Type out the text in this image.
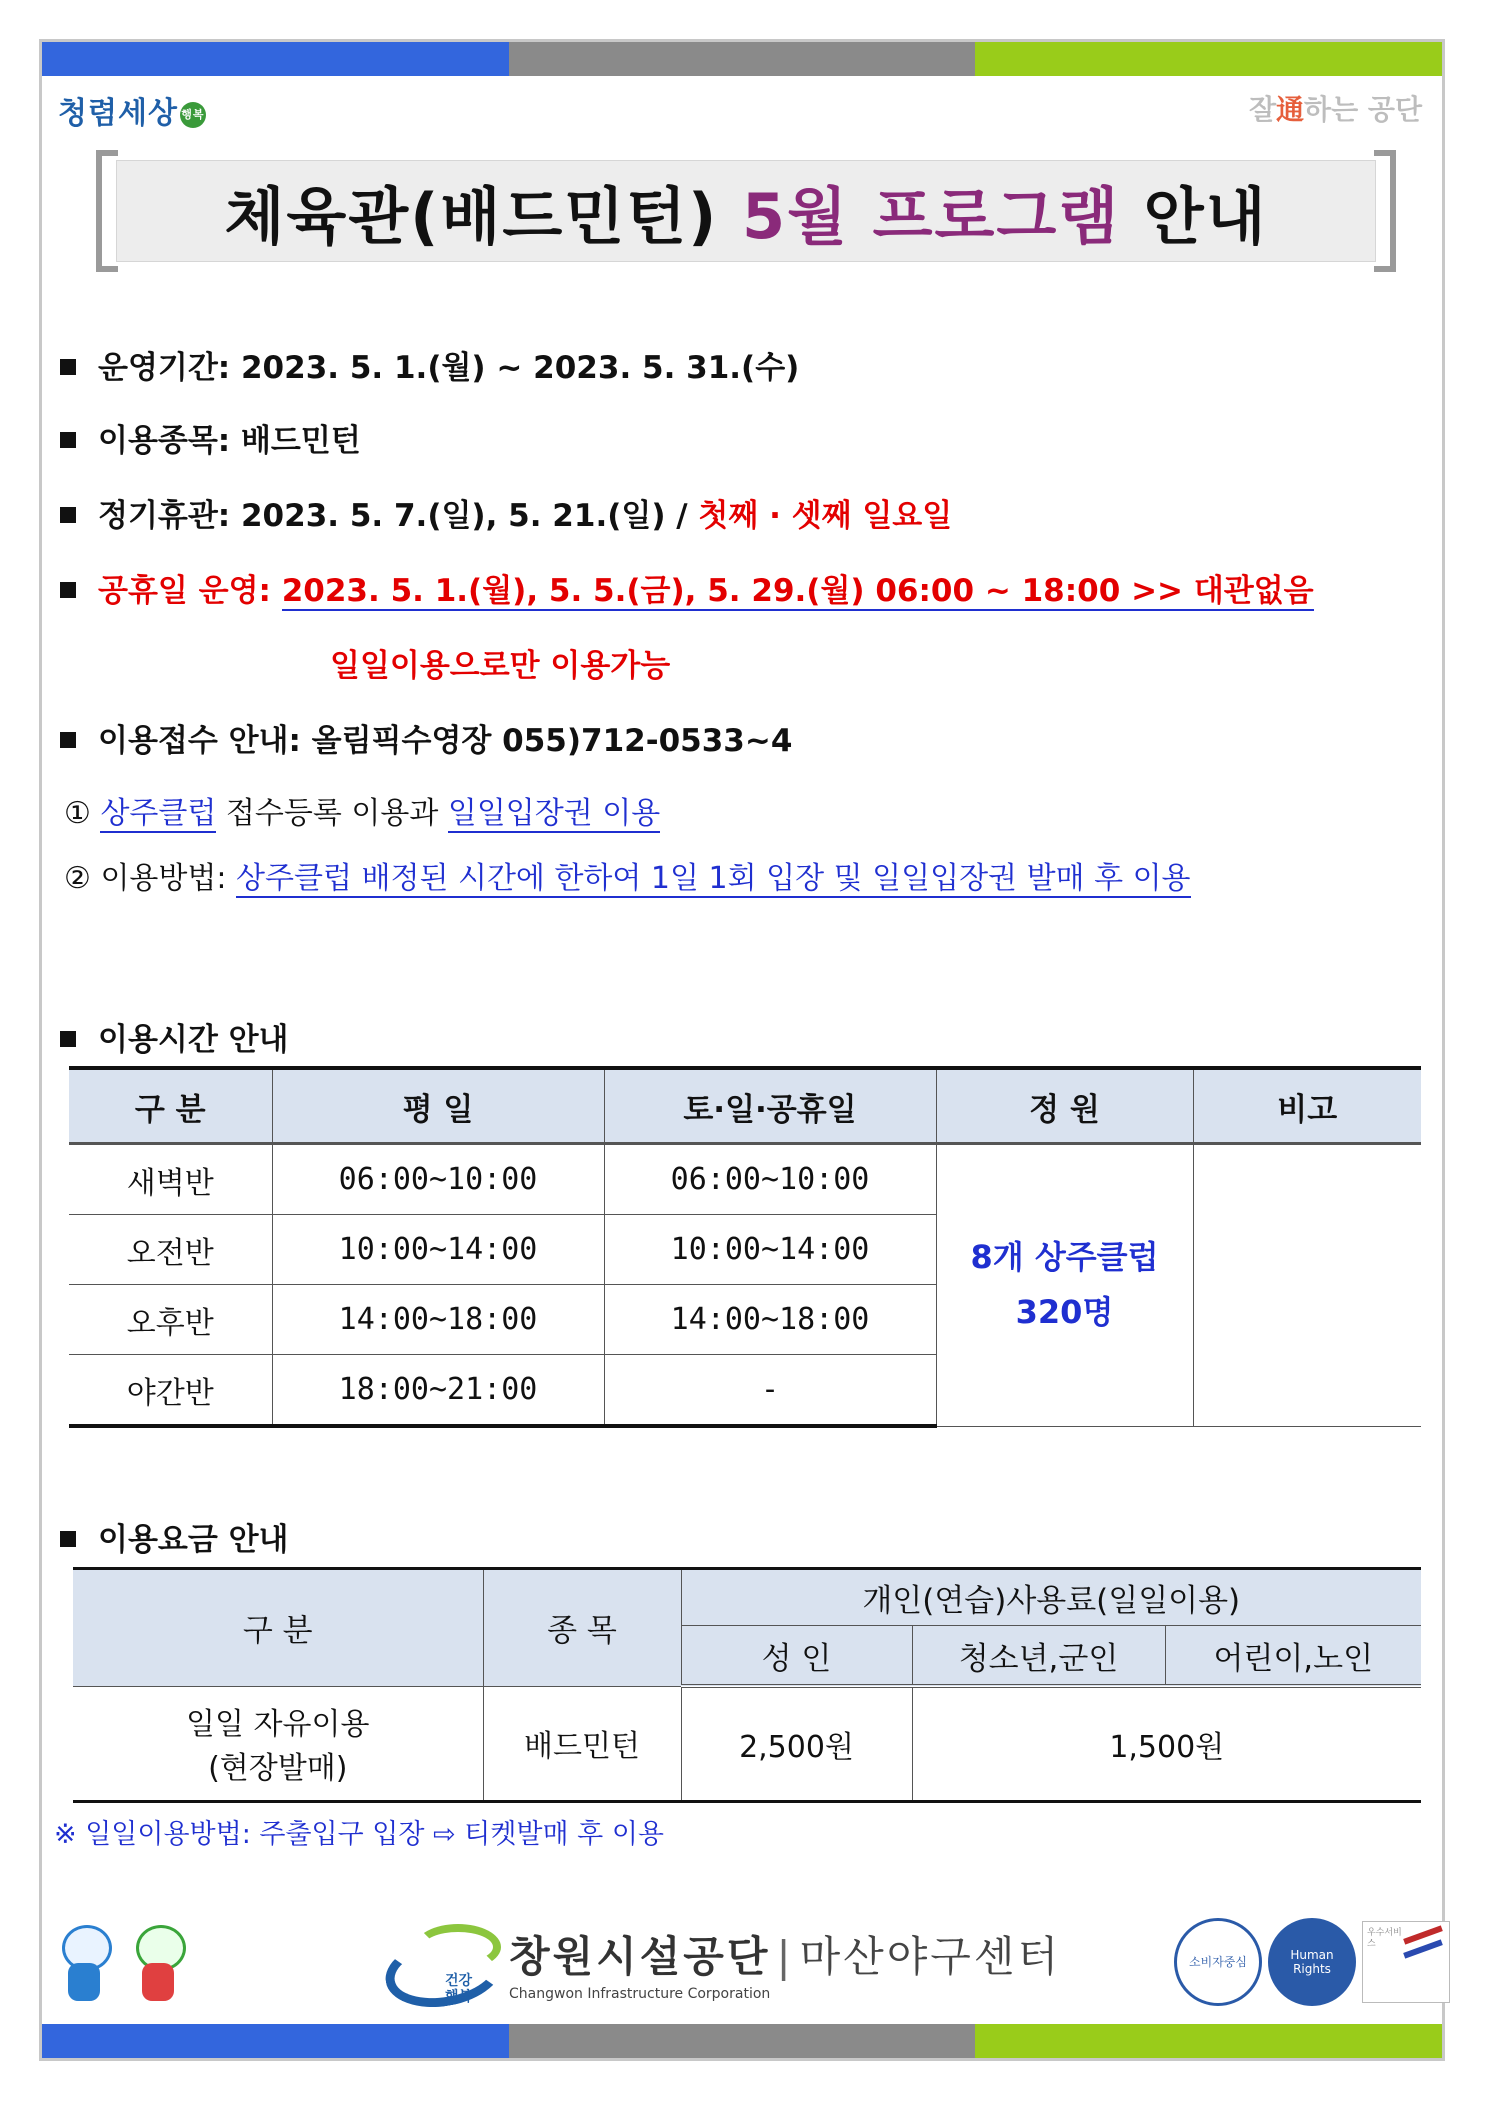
청렴세상 행복	잘通하는 공단
체육관(배드민턴) 5월 프로그램 안내
운영기간: 2023. 5. 1.(월) ~ 2023. 5. 31.(수)
이용종목: 배드민턴
정기휴관: 2023. 5. 7.(일), 5. 21.(일) / 첫째 · 셋째 일요일
공휴일 운영: 2023. 5. 1.(월), 5. 5.(금), 5. 29.(월) 06:00 ~ 18:00 >> 대관없음
일일이용으로만 이용가능
이용접수 안내: 올림픽수영장 055)712-0533~4
① 상주클럽 접수등록 이용과 일일입장권 이용
② 이용방법: 상주클럽 배정된 시간에 한하여 1일 1회 입장 및 일일입장권 발매 후 이용
이용시간 안내
구 분	평 일	토·일·공휴일	정 원	비고
새벽반	06:00~10:00	06:00~10:00	8개 상주클럽
320명	

오전반	10:00~14:00	10:00~14:00		
오후반	14:00~18:00	14:00~18:00		
야간반	18:00~21:00	-		
이용요금 안내
구 분	종 목	개인(연습)사용료(일일이용)		
		성 인	청소년,군인	어린이,노인

일일 자유이용
(현장발매)	배드민턴	2,500원	1,500원	
※ 일일이용방법: 주출입구 입장 ⇨ 티켓발매 후 이용
건강
행복
창원시설공단 | 마산야구센터
Changwon Infrastructure Corporation
소비자중심	Human Rights
우수서비스
